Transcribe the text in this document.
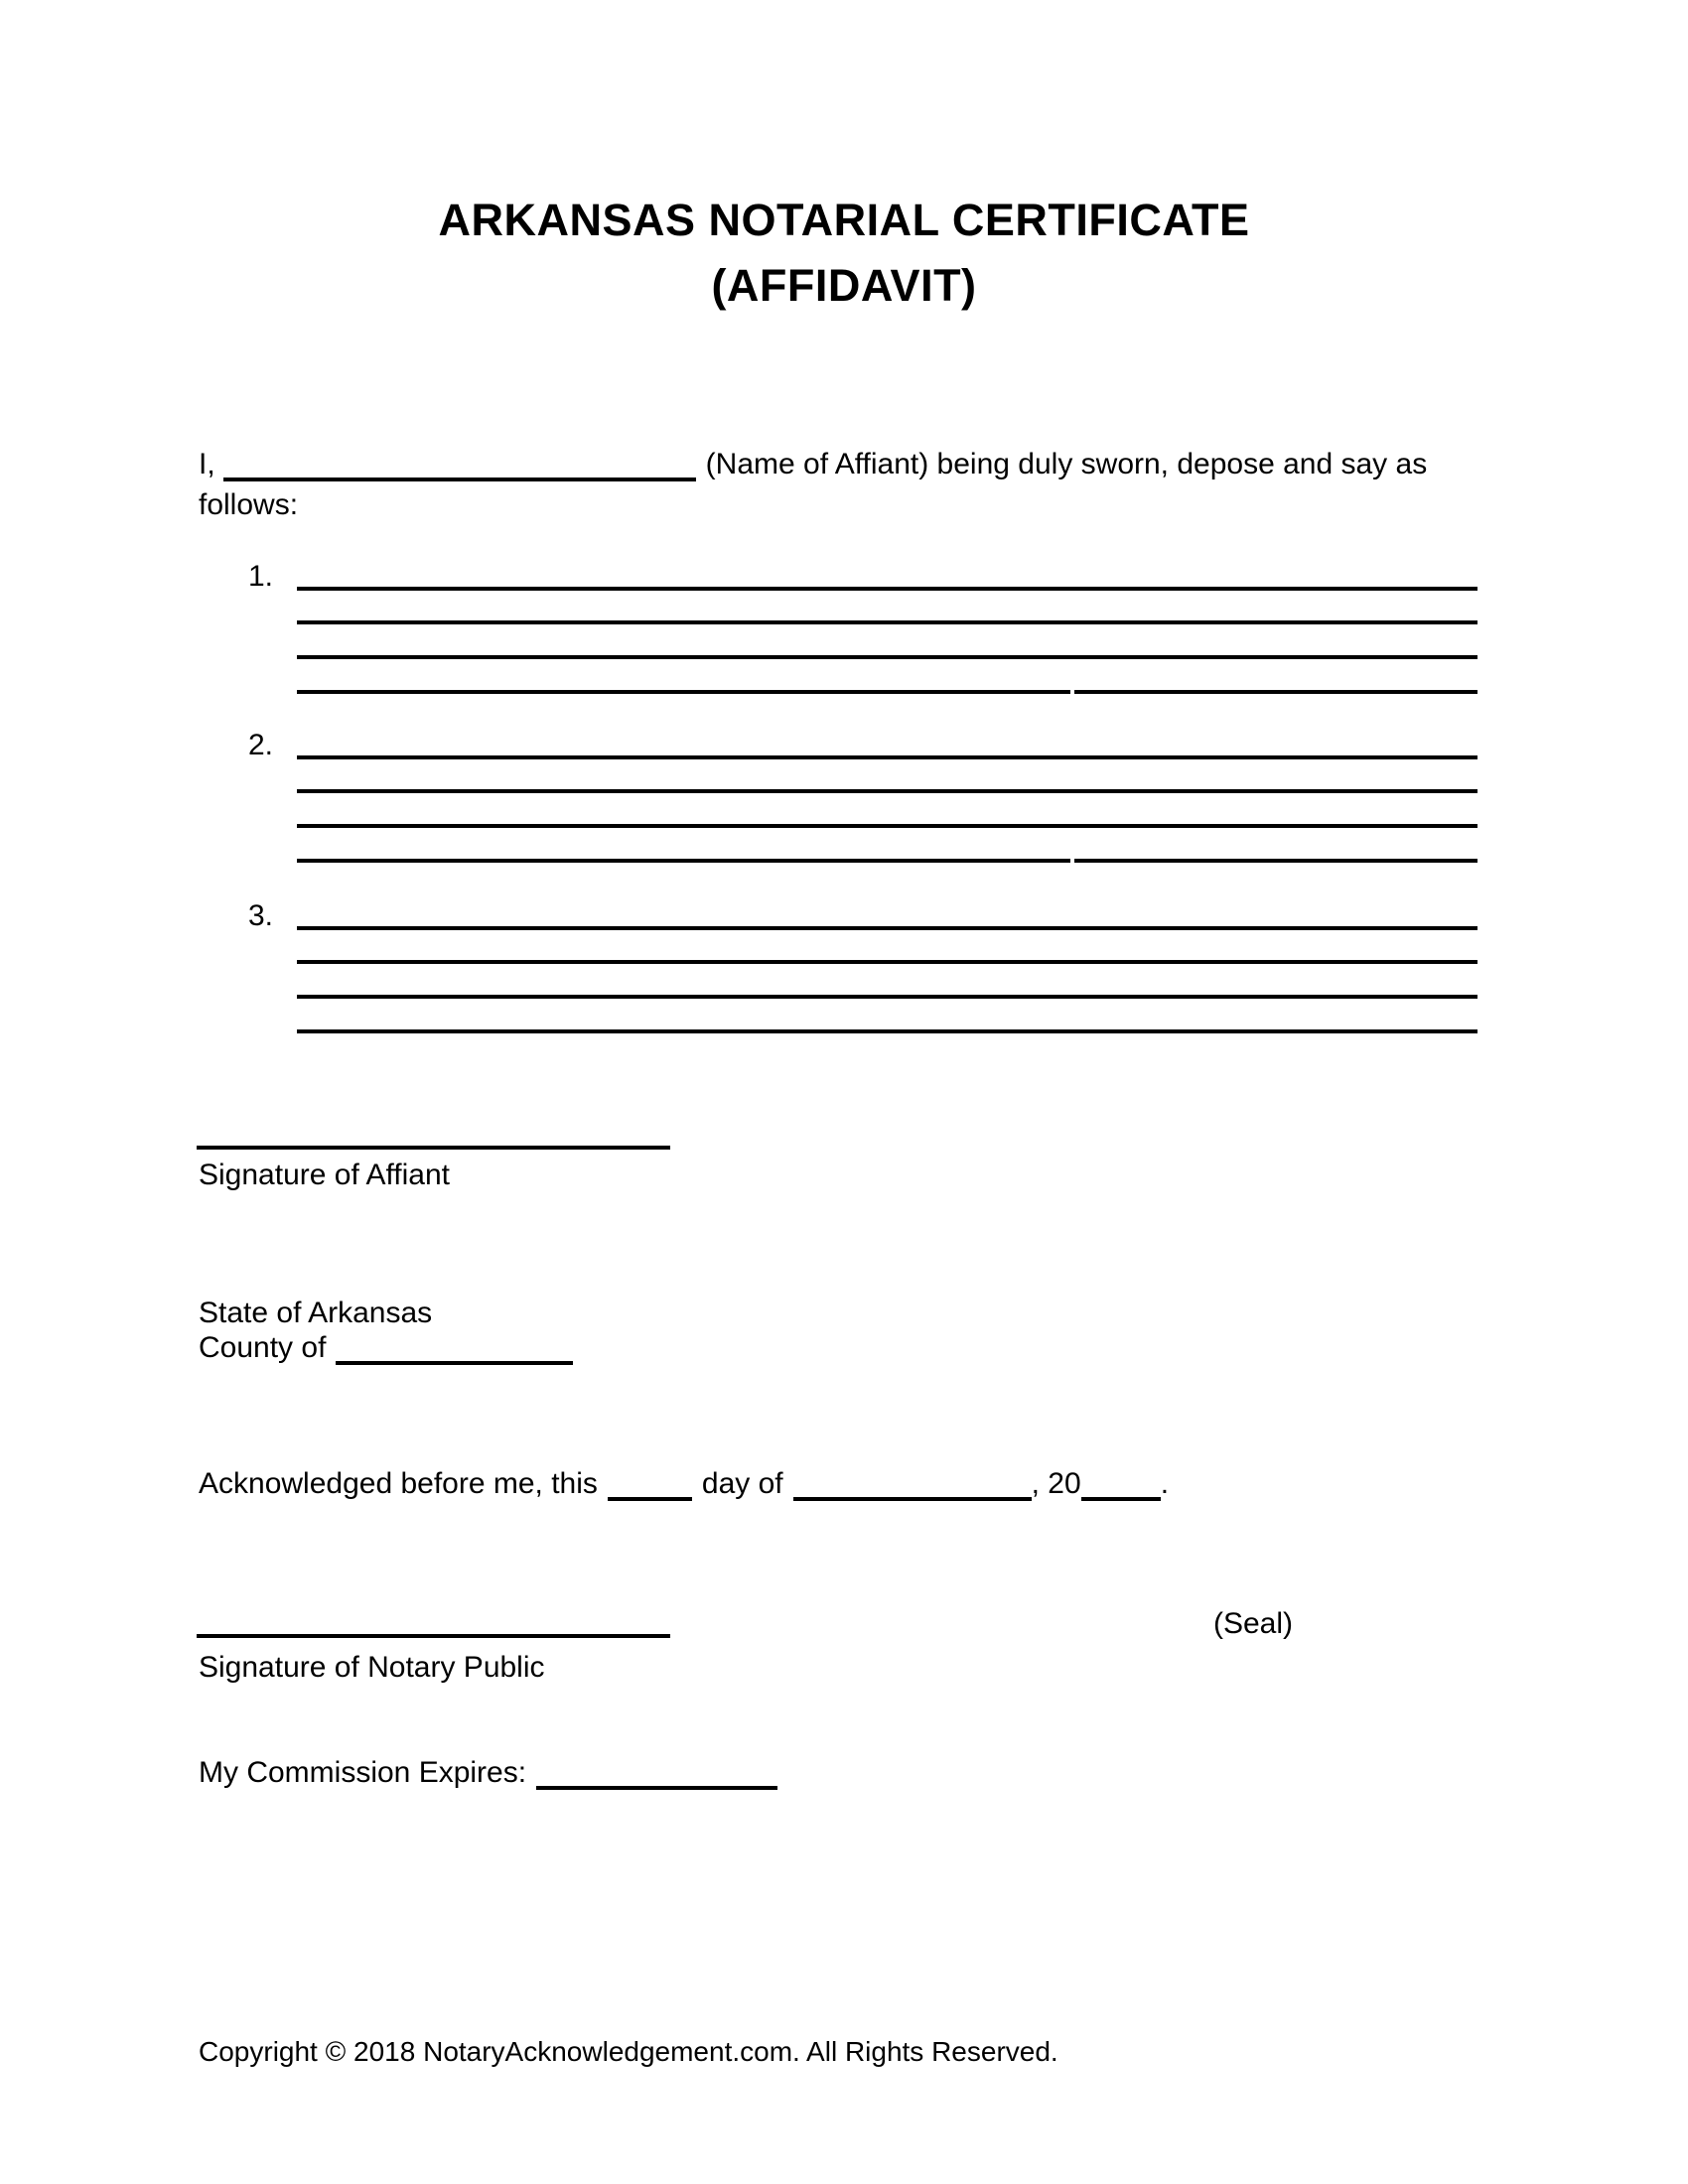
ARKANSAS NOTARIAL CERTIFICATE
(AFFIDAVIT)
I,	(Name of Affiant) being duly sworn, depose and say as
follows:
1.
2.
3.
Signature of Affiant
State of Arkansas
County of
Acknowledged before me, this	day of	, 20	.
(Seal)
Signature of Notary Public
My Commission Expires:
Copyright © 2018 NotaryAcknowledgement.com. All Rights Reserved.
